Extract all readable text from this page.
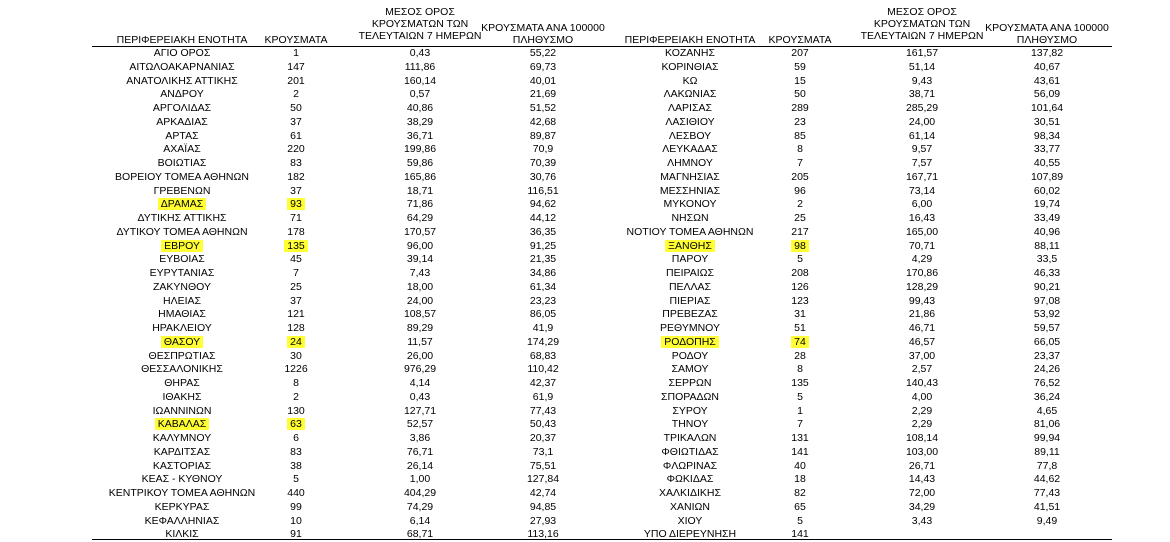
ΠΕΡΙΦΕΡΕΙΑΚΗ ΕΝΟΤΗΤΑ	ΚΡΟΥΣΜΑΤΑ
ΜΕΣΟΣ ΟΡΟΣ ΚΡΟΥΣΜΑΤΩΝ ΤΩΝ ΤΕΛΕΥΤΑΙΩΝ 7 ΗΜΕΡΩΝ
ΚΡΟΥΣΜΑΤΑ ΑΝΑ 100000 ΠΛΗΘΥΣΜΟ	ΠΕΡΙΦΕΡΕΙΑΚΗ ΕΝΟΤΗΤΑ	ΚΡΟΥΣΜΑΤΑ
ΜΕΣΟΣ ΟΡΟΣ ΚΡΟΥΣΜΑΤΩΝ ΤΩΝ ΤΕΛΕΥΤΑΙΩΝ 7 ΗΜΕΡΩΝ
ΚΡΟΥΣΜΑΤΑ ΑΝΑ 100000 ΠΛΗΘΥΣΜΟ
ΑΓΙΟ ΟΡΟΣ	1	0,43	55,22
ΑΙΤΩΛΟΑΚΑΡΝΑΝΙΑΣ	147	111,86	69,73
ΑΝΑΤΟΛΙΚΗΣ ΑΤΤΙΚΗΣ	201	160,14	40,01
ΑΝΔΡΟΥ	2	0,57	21,69
ΑΡΓΟΛΙΔΑΣ	50	40,86	51,52
ΑΡΚΑΔΙΑΣ	37	38,29	42,68
ΑΡΤΑΣ	61	36,71	89,87
ΑΧΑΪΑΣ	220	199,86	70,9
ΒΟΙΩΤΙΑΣ	83	59,86	70,39
ΒΟΡΕΙΟΥ ΤΟΜΕΑ ΑΘΗΝΩΝ	182	165,86	30,76
ΓΡΕΒΕΝΩΝ	37	18,71	116,51
ΔΡΑΜΑΣ	93	71,86	94,62
ΔΥΤΙΚΗΣ ΑΤΤΙΚΗΣ	71	64,29	44,12
ΔΥΤΙΚΟΥ ΤΟΜΕΑ ΑΘΗΝΩΝ	178	170,57	36,35
ΕΒΡΟΥ	135	96,00	91,25
ΕΥΒΟΙΑΣ	45	39,14	21,35
ΕΥΡΥΤΑΝΙΑΣ	7	7,43	34,86
ΖΑΚΥΝΘΟΥ	25	18,00	61,34
ΗΛΕΙΑΣ	37	24,00	23,23
ΗΜΑΘΙΑΣ	121	108,57	86,05
ΗΡΑΚΛΕΙΟΥ	128	89,29	41,9
ΘΑΣΟΥ	24	11,57	174,29
ΘΕΣΠΡΩΤΙΑΣ	30	26,00	68,83
ΘΕΣΣΑΛΟΝΙΚΗΣ	1226	976,29	110,42
ΘΗΡΑΣ	8	4,14	42,37
ΙΘΑΚΗΣ	2	0,43	61,9
ΙΩΑΝΝΙΝΩΝ	130	127,71	77,43
ΚΑΒΑΛΑΣ	63	52,57	50,43
ΚΑΛΥΜΝΟΥ	6	3,86	20,37
ΚΑΡΔΙΤΣΑΣ	83	76,71	73,1
ΚΑΣΤΟΡΙΑΣ	38	26,14	75,51
ΚΕΑΣ - ΚΥΘΝΟΥ	5	1,00	127,84
ΚΕΝΤΡΙΚΟΥ ΤΟΜΕΑ ΑΘΗΝΩΝ	440	404,29	42,74
ΚΕΡΚΥΡΑΣ	99	74,29	94,85
ΚΕΦΑΛΛΗΝΙΑΣ	10	6,14	27,93
ΚΙΛΚΙΣ	91	68,71	113,16
ΚΟΖΑΝΗΣ	207	161,57	137,82
ΚΟΡΙΝΘΙΑΣ	59	51,14	40,67
ΚΩ	15	9,43	43,61
ΛΑΚΩΝΙΑΣ	50	38,71	56,09
ΛΑΡΙΣΑΣ	289	285,29	101,64
ΛΑΣΙΘΙΟΥ	23	24,00	30,51
ΛΕΣΒΟΥ	85	61,14	98,34
ΛΕΥΚΑΔΑΣ	8	9,57	33,77
ΛΗΜΝΟΥ	7	7,57	40,55
ΜΑΓΝΗΣΙΑΣ	205	167,71	107,89
ΜΕΣΣΗΝΙΑΣ	96	73,14	60,02
ΜΥΚΟΝΟΥ	2	6,00	19,74
ΝΗΣΩΝ	25	16,43	33,49
ΝΟΤΙΟΥ ΤΟΜΕΑ ΑΘΗΝΩΝ	217	165,00	40,96
ΞΑΝΘΗΣ	98	70,71	88,11
ΠΑΡΟΥ	5	4,29	33,5
ΠΕΙΡΑΙΩΣ	208	170,86	46,33
ΠΕΛΛΑΣ	126	128,29	90,21
ΠΙΕΡΙΑΣ	123	99,43	97,08
ΠΡΕΒΕΖΑΣ	31	21,86	53,92
ΡΕΘΥΜΝΟΥ	51	46,71	59,57
ΡΟΔΟΠΗΣ	74	46,57	66,05
ΡΟΔΟΥ	28	37,00	23,37
ΣΑΜΟΥ	8	2,57	24,26
ΣΕΡΡΩΝ	135	140,43	76,52
ΣΠΟΡΑΔΩΝ	5	4,00	36,24
ΣΥΡΟΥ	1	2,29	4,65
ΤΗΝΟΥ	7	2,29	81,06
ΤΡΙΚΑΛΩΝ	131	108,14	99,94
ΦΘΙΩΤΙΔΑΣ	141	103,00	89,11
ΦΛΩΡΙΝΑΣ	40	26,71	77,8
ΦΩΚΙΔΑΣ	18	14,43	44,62
ΧΑΛΚΙΔΙΚΗΣ	82	72,00	77,43
ΧΑΝΙΩΝ	65	34,29	41,51
ΧΙΟΥ	5	3,43	9,49
ΥΠΟ ΔΙΕΡΕΥΝΗΣΗ	141
